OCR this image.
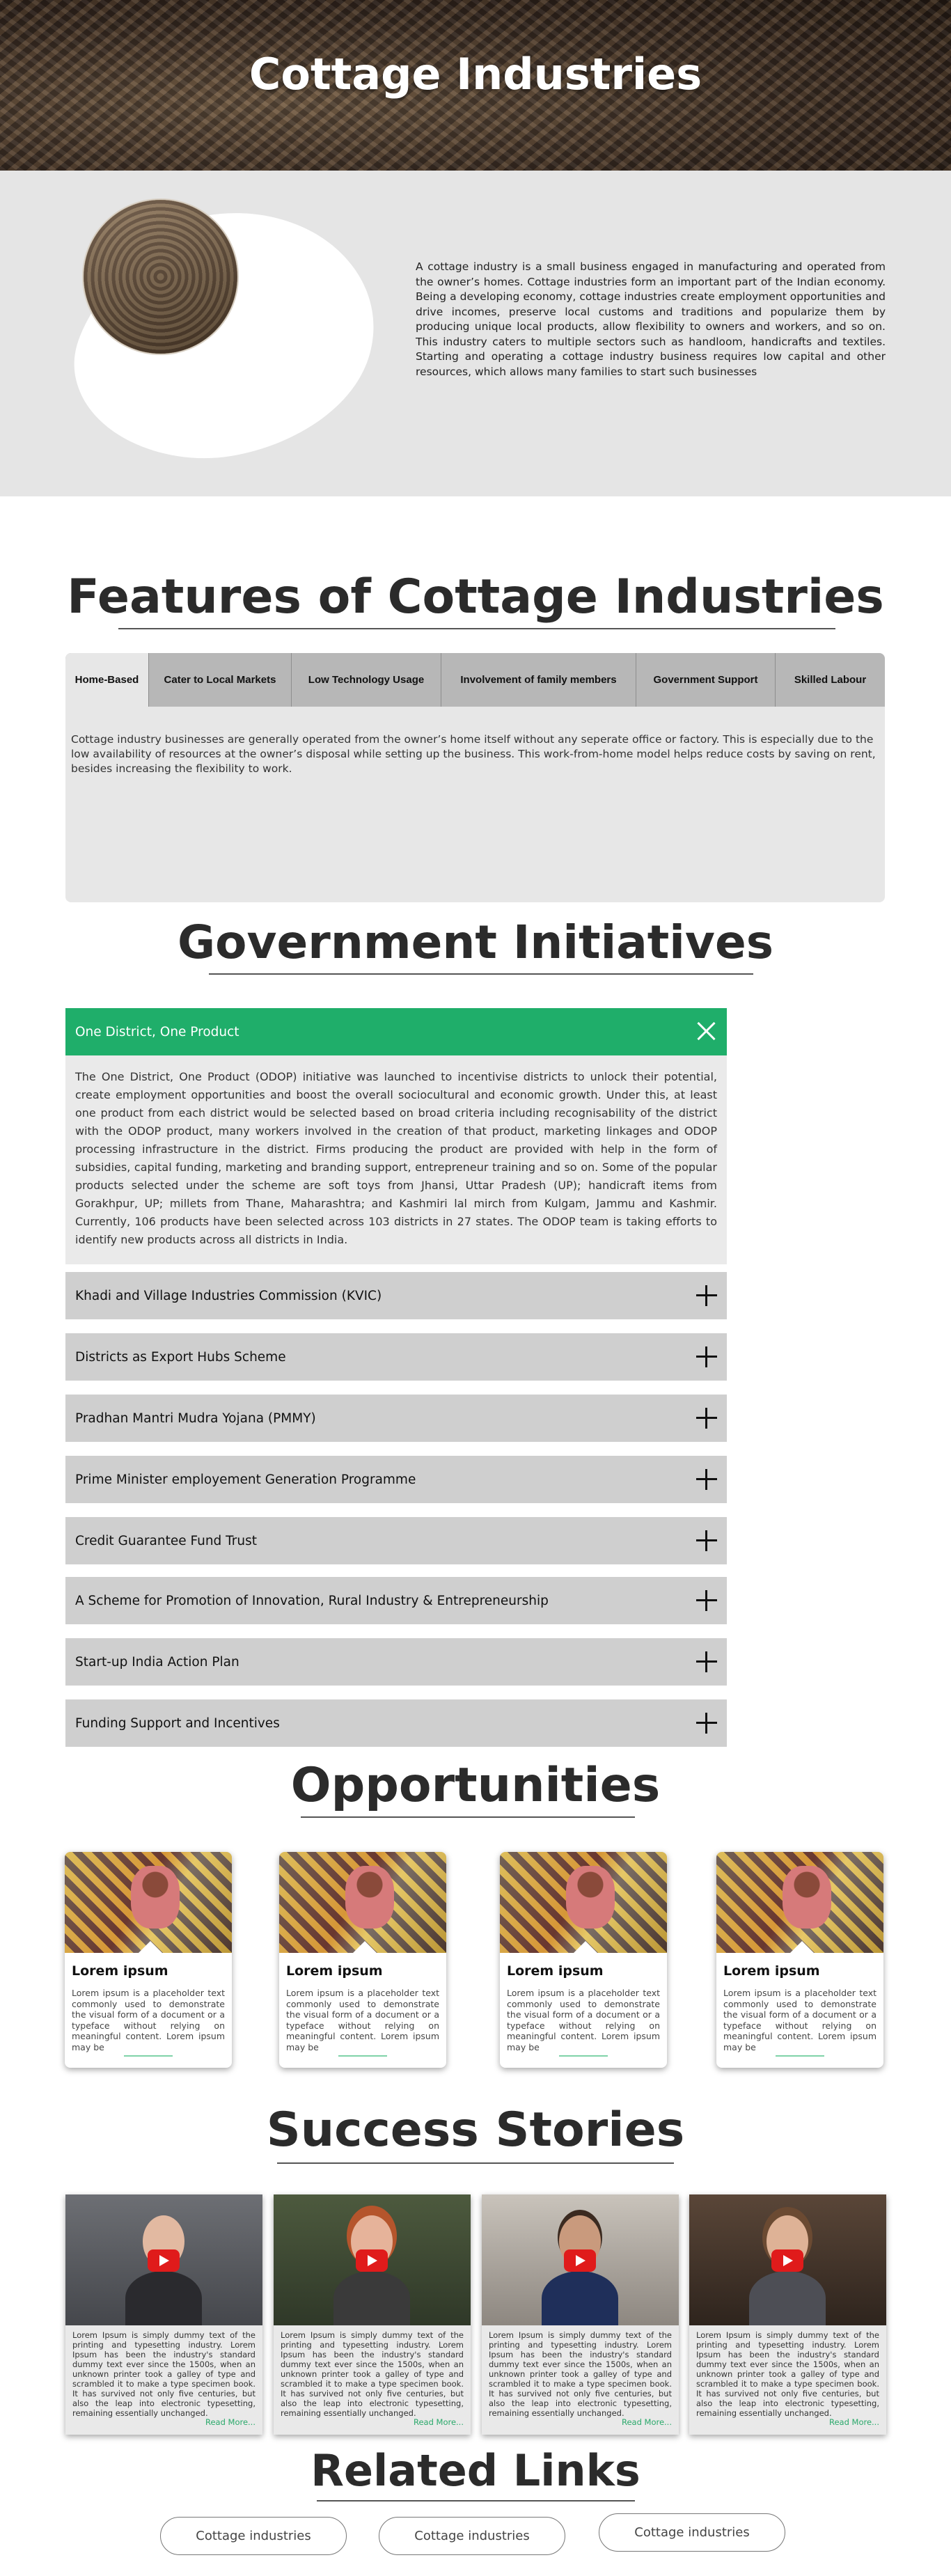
Cottage Industries

A cottage industry is a small business engaged in manufacturing and operated from the owner’s homes. Cottage industries form an important part of the Indian economy. Being a developing economy, cottage industries create employment opportunities and drive incomes, preserve local customs and traditions and popularize them by producing unique local products, allow flexibility to owners and workers, and so on. This industry caters to multiple sectors such as handloom, handicrafts and textiles. Starting and operating a cottage industry business requires low capital and other resources, which allows many families to start such businesses

Features of Cottage Industries
Home-Based	Cater to Local Markets	Low Technology Usage	Involvement of family members	Government Support	Skilled Labour

Cottage industry businesses are generally operated from the owner’s home itself without any seperate office or factory. This is especially due to the low availability of resources at the owner’s disposal while setting up the business. This work-from-home model helps reduce costs by saving on rent, besides increasing the flexibility to work.

Government Initiatives
One District, One Product
The One District, One Product (ODOP) initiative was launched to incentivise districts to unlock their potential, create employment opportunities and boost the overall sociocultural and economic growth. Under this, at least one product from each district would be selected based on broad criteria including recognisability of the district with the ODOP product, many workers involved in the creation of that product, marketing linkages and ODOP processing infrastructure in the district. Firms producing the product are provided with help in the form of subsidies, capital funding, marketing and branding support, entrepreneur training and so on. Some of the popular products selected under the scheme are soft toys from Jhansi, Uttar Pradesh (UP); handicraft items from Gorakhpur, UP; millets from Thane, Maharashtra; and Kashmiri lal mirch from Kulgam, Jammu and Kashmir. Currently, 106 products have been selected across 103 districts in 27 states. The ODOP team is taking efforts to identify new products across all districts in India.
Khadi and Village Industries Commission (KVIC)
Districts as Export Hubs Scheme
Pradhan Mantri Mudra Yojana (PMMY)
Prime Minister employement Generation Programme
Credit Guarantee Fund Trust
A Scheme for Promotion of Innovation, Rural Industry & Entrepreneurship
Start-up India Action Plan
Funding Support and Incentives
Opportunities
Lorem ipsum

Lorem ipsum is a placeholder text commonly used to demonstrate the visual form of a document or a typeface without relying on meaningful content. Lorem ipsum may be

Lorem ipsum

Lorem ipsum is a placeholder text commonly used to demonstrate the visual form of a document or a typeface without relying on meaningful content. Lorem ipsum may be

Lorem ipsum

Lorem ipsum is a placeholder text commonly used to demonstrate the visual form of a document or a typeface without relying on meaningful content. Lorem ipsum may be

Lorem ipsum

Lorem ipsum is a placeholder text commonly used to demonstrate the visual form of a document or a typeface without relying on meaningful content. Lorem ipsum may be

Success Stories

Lorem Ipsum is simply dummy text of the printing and typesetting industry. Lorem Ipsum has been the industry's standard dummy text ever since the 1500s, when an unknown printer took a galley of type and scrambled it to make a type specimen book. It has survived not only five centuries, but also the leap into electronic typesetting, remaining essentially unchanged.

Read More...

Lorem Ipsum is simply dummy text of the printing and typesetting industry. Lorem Ipsum has been the industry's standard dummy text ever since the 1500s, when an unknown printer took a galley of type and scrambled it to make a type specimen book. It has survived not only five centuries, but also the leap into electronic typesetting, remaining essentially unchanged.

Read More...

Lorem Ipsum is simply dummy text of the printing and typesetting industry. Lorem Ipsum has been the industry's standard dummy text ever since the 1500s, when an unknown printer took a galley of type and scrambled it to make a type specimen book. It has survived not only five centuries, but also the leap into electronic typesetting, remaining essentially unchanged.

Read More...

Lorem Ipsum is simply dummy text of the printing and typesetting industry. Lorem Ipsum has been the industry's standard dummy text ever since the 1500s, when an unknown printer took a galley of type and scrambled it to make a type specimen book. It has survived not only five centuries, but also the leap into electronic typesetting, remaining essentially unchanged.

Read More...
Related Links
Cottage industries	Cottage industries	Cottage industries
